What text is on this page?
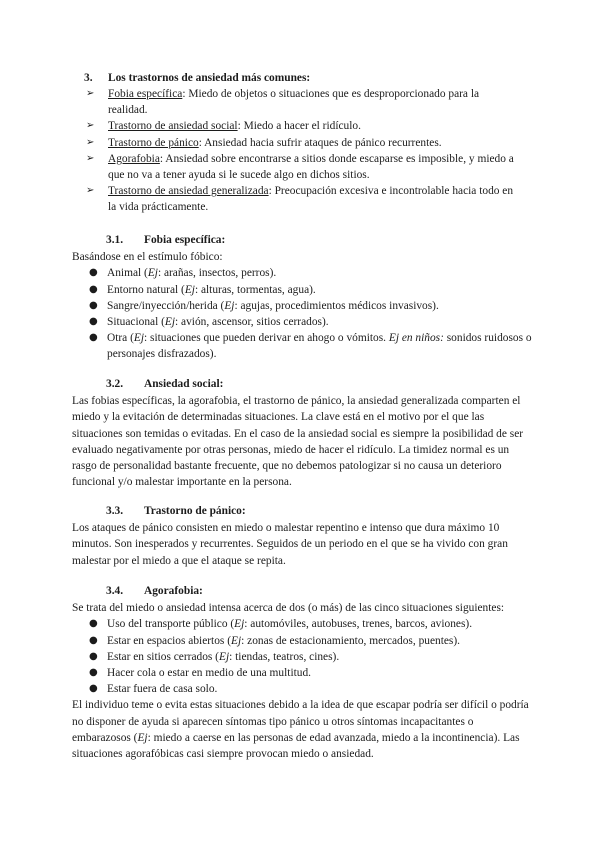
3. Los trastornos de ansiedad más comunes:
➢ Fobia específica: Miedo de objetos o situaciones que es desproporcionado para la realidad.
➢ Trastorno de ansiedad social: Miedo a hacer el ridículo.
➢ Trastorno de pánico: Ansiedad hacia sufrir ataques de pánico recurrentes.
➢ Agorafobia: Ansiedad sobre encontrarse a sitios donde escaparse es imposible, y miedo a que no va a tener ayuda si le sucede algo en dichos sitios.
➢ Trastorno de ansiedad generalizada: Preocupación excesiva e incontrolable hacia todo en la vida prácticamente.
3.1. Fobia específica:

Basándose en el estímulo fóbico:

● Animal (Ej: arañas, insectos, perros).
● Entorno natural (Ej: alturas, tormentas, agua).
● Sangre/inyección/herida (Ej: agujas, procedimientos médicos invasivos).
● Situacional (Ej: avión, ascensor, sitios cerrados).
● Otra (Ej: situaciones que pueden derivar en ahogo o vómitos. Ej en niños: sonidos ruidosos o personajes disfrazados).
3.2. Ansiedad social:

Las fobias específicas, la agorafobia, el trastorno de pánico, la ansiedad generalizada comparten el miedo y la evitación de determinadas situaciones. La clave está en el motivo por el que las situaciones son temidas o evitadas. En el caso de la ansiedad social es siempre la posibilidad de ser evaluado negativamente por otras personas, miedo de hacer el ridículo. La timidez normal es un rasgo de personalidad bastante frecuente, que no debemos patologizar si no causa un deterioro funcional y/o malestar importante en la persona.

3.3. Trastorno de pánico:

Los ataques de pánico consisten en miedo o malestar repentino e intenso que dura máximo 10 minutos. Son inesperados y recurrentes. Seguidos de un periodo en el que se ha vivido con gran malestar por el miedo a que el ataque se repita.

3.4. Agorafobia:

Se trata del miedo o ansiedad intensa acerca de dos (o más) de las cinco situaciones siguientes:

● Uso del transporte público (Ej: automóviles, autobuses, trenes, barcos, aviones).
● Estar en espacios abiertos (Ej: zonas de estacionamiento, mercados, puentes).
● Estar en sitios cerrados (Ej: tiendas, teatros, cines).
● Hacer cola o estar en medio de una multitud.
● Estar fuera de casa solo.

El individuo teme o evita estas situaciones debido a la idea de que escapar podría ser difícil o podría no disponer de ayuda si aparecen síntomas tipo pánico u otros síntomas incapacitantes o embarazosos (Ej: miedo a caerse en las personas de edad avanzada, miedo a la incontinencia). Las situaciones agorafóbicas casi siempre provocan miedo o ansiedad.
